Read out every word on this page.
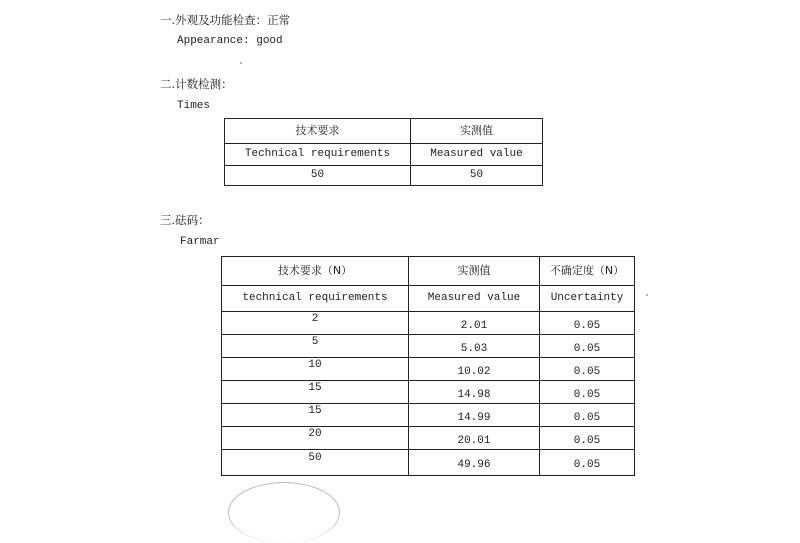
一.外观及功能检查：正常
Appearance: good
二.计数检测：
Times
技术要求	实测值
Technical requirements	Measured value
50	50
三.砝码：
Farmar
技术要求（N）	实测值	不确定度（N）
technical requirements	Measured value	Uncertainty
2	2.01	0.05
5	5.03	0.05
10	10.02	0.05
15	14.98	0.05
15	14.99	0.05
20	20.01	0.05
50	49.96	0.05
